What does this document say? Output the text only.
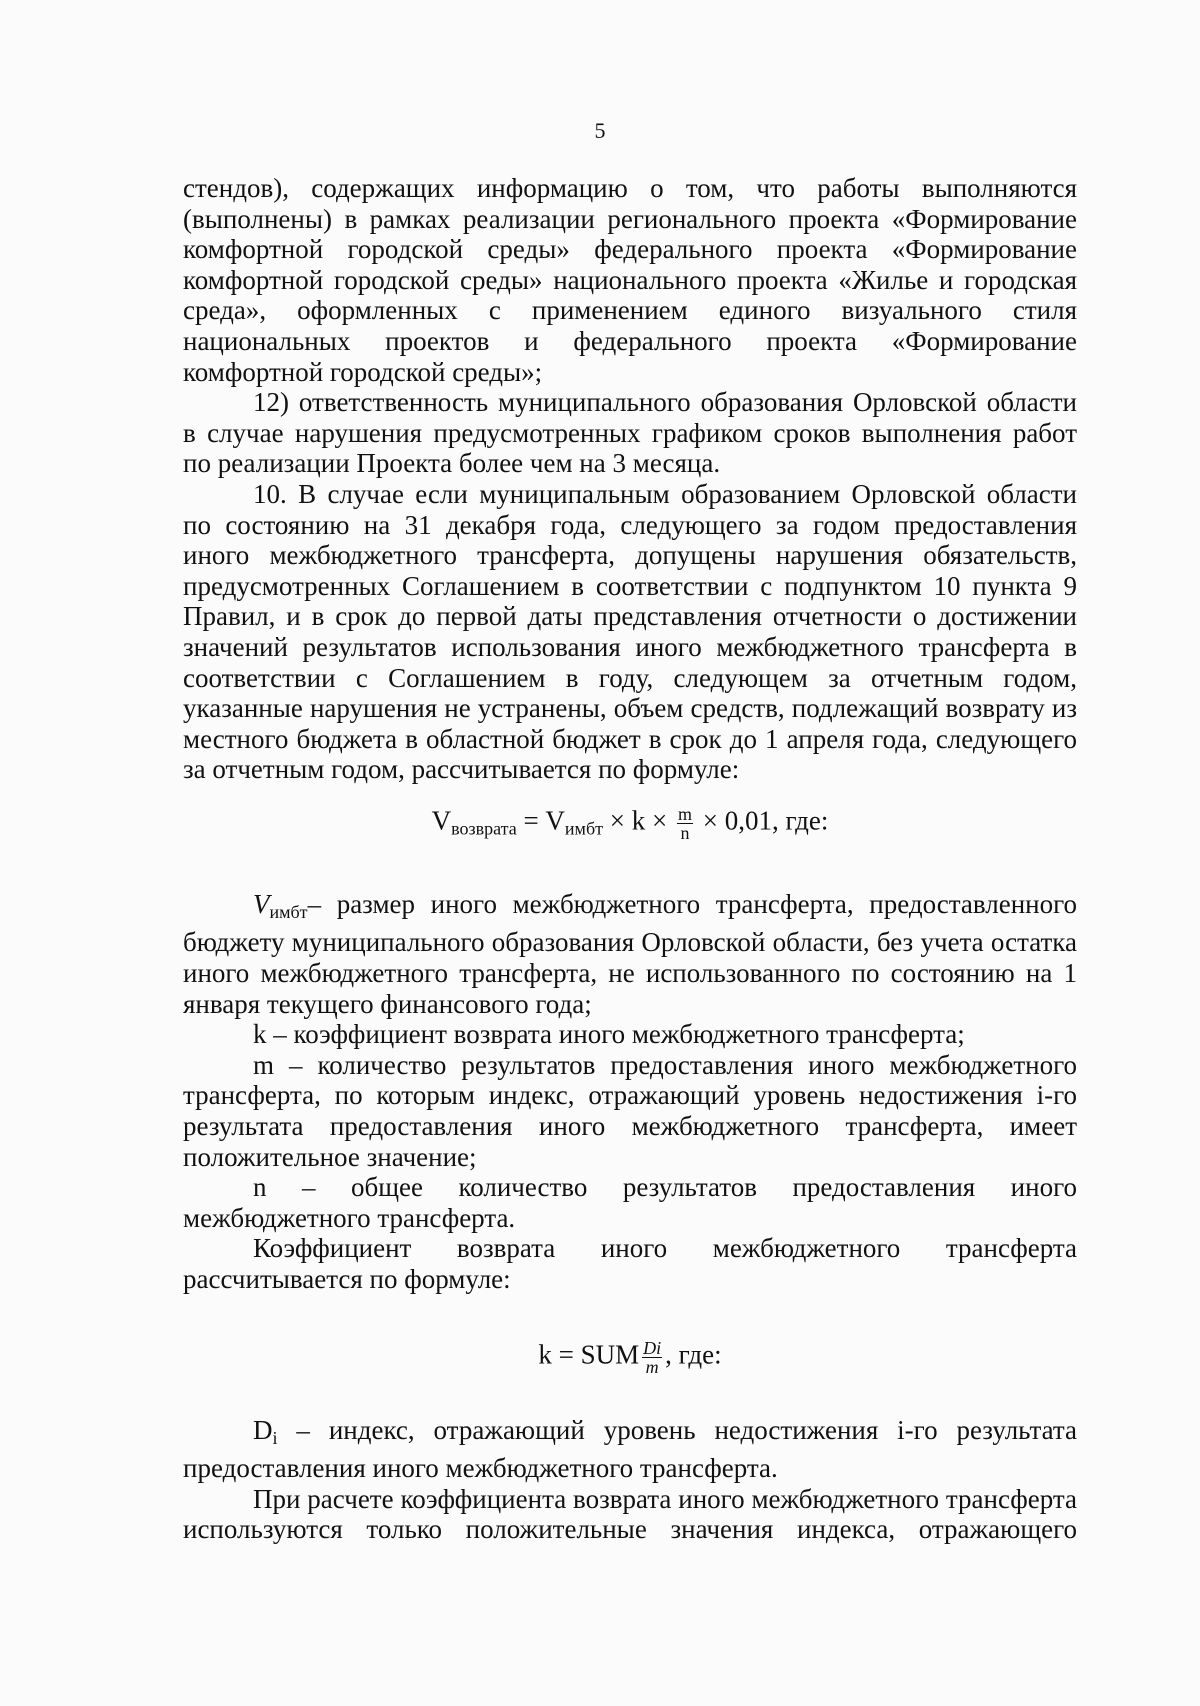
5

стендов), содержащих информацию о том, что работы выполняются (выполнены) в рамках реализации регионального проекта «Формирование комфортной городской среды» федерального проекта «Формирование комфортной городской среды» национального проекта «Жилье и городская среда», оформленных с применением единого визуального стиля национальных проектов и федерального проекта «Формирование комфортной городской среды»;

12) ответственность муниципального образования Орловской области в случае нарушения предусмотренных графиком сроков выполнения работ по реализации Проекта более чем на 3 месяца.

10. В случае если муниципальным образованием Орловской области по состоянию на 31 декабря года, следующего за годом предоставления иного межбюджетного трансферта, допущены нарушения обязательств, предусмотренных Соглашением в соответствии с подпунктом 10 пункта 9 Правил, и в срок до первой даты представления отчетности о достижении значений результатов использования иного межбюджетного трансферта в соответствии с Соглашением в году, следующем за отчетным годом, указанные нарушения не устранены, объем средств, подлежащий возврату из местного бюджета в областной бюджет в срок до 1 апреля года, следующего за отчетным годом, рассчитывается по формуле:

$V_{возврата} = V_{имбт} \times k \times \frac{m}{n} \times 0,01$, где:

$V_{имбт}-$ размер иного межбюджетного трансферта, предоставленного бюджету муниципального образования Орловской области, без учета остатка иного межбюджетного трансферта, не использованного по состоянию на 1 января текущего финансового года;

k – коэффициент возврата иного межбюджетного трансферта;

m – количество результатов предоставления иного межбюджетного трансферта, по которым индекс, отражающий уровень недостижения i-го результата предоставления иного межбюджетного трансферта, имеет положительное значение;

n – общее количество результатов предоставления иного межбюджетного трансферта.

Коэффициент возврата иного межбюджетного трансферта рассчитывается по формуле:

k = SUM $\frac{Di}{m}$ , где:

$D_i$ – индекс, отражающий уровень недостижения i-го результата предоставления иного межбюджетного трансферта.

При расчете коэффициента возврата иного межбюджетного трансферта используются только положительные значения индекса, отражающего
